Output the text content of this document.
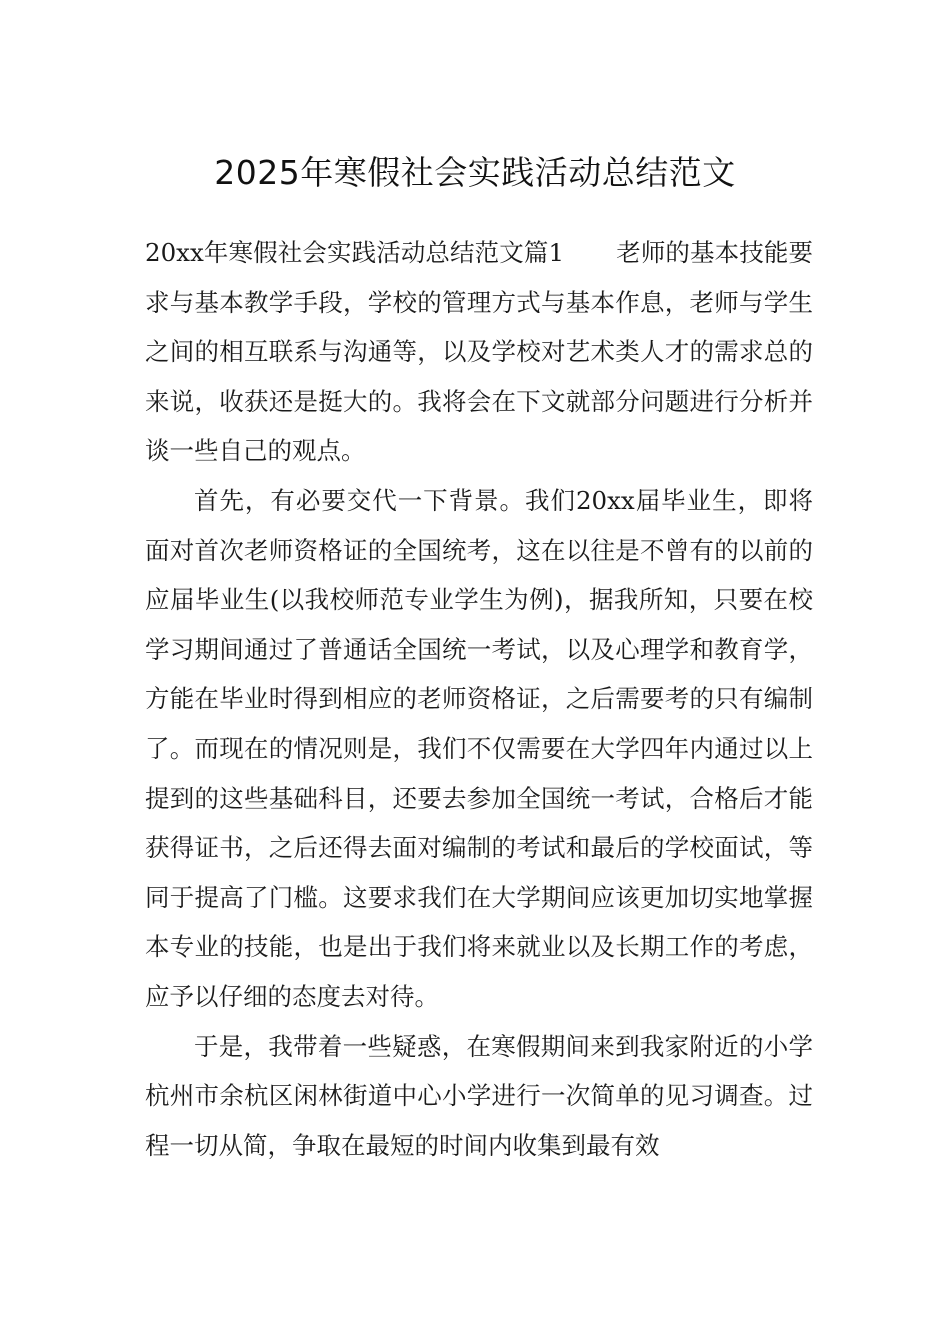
2025年寒假社会实践活动总结范文

20xx年寒假社会实践活动总结范文篇1 老师的基本技能要求与基本教学手段，学校的管理方式与基本作息，老师与学生之间的相互联系与沟通等，以及学校对艺术类人才的需求总的来说，收获还是挺大的。我将会在下文就部分问题进行分析并谈一些自己的观点。

首先，有必要交代一下背景。我们20xx届毕业生，即将面对首次老师资格证的全国统考，这在以往是不曾有的以前的应届毕业生(以我校师范专业学生为例)，据我所知，只要在校学习期间通过了普通话全国统一考试，以及心理学和教育学，方能在毕业时得到相应的老师资格证，之后需要考的只有编制了。而现在的情况则是，我们不仅需要在大学四年内通过以上提到的这些基础科目，还要去参加全国统一考试，合格后才能获得证书，之后还得去面对编制的考试和最后的学校面试，等同于提高了门槛。这要求我们在大学期间应该更加切实地掌握本专业的技能，也是出于我们将来就业以及长期工作的考虑，应予以仔细的态度去对待。

于是，我带着一些疑惑，在寒假期间来到我家附近的小学杭州市余杭区闲林街道中心小学进行一次简单的见习调查。过程一切从简，争取在最短的时间内收集到最有效
